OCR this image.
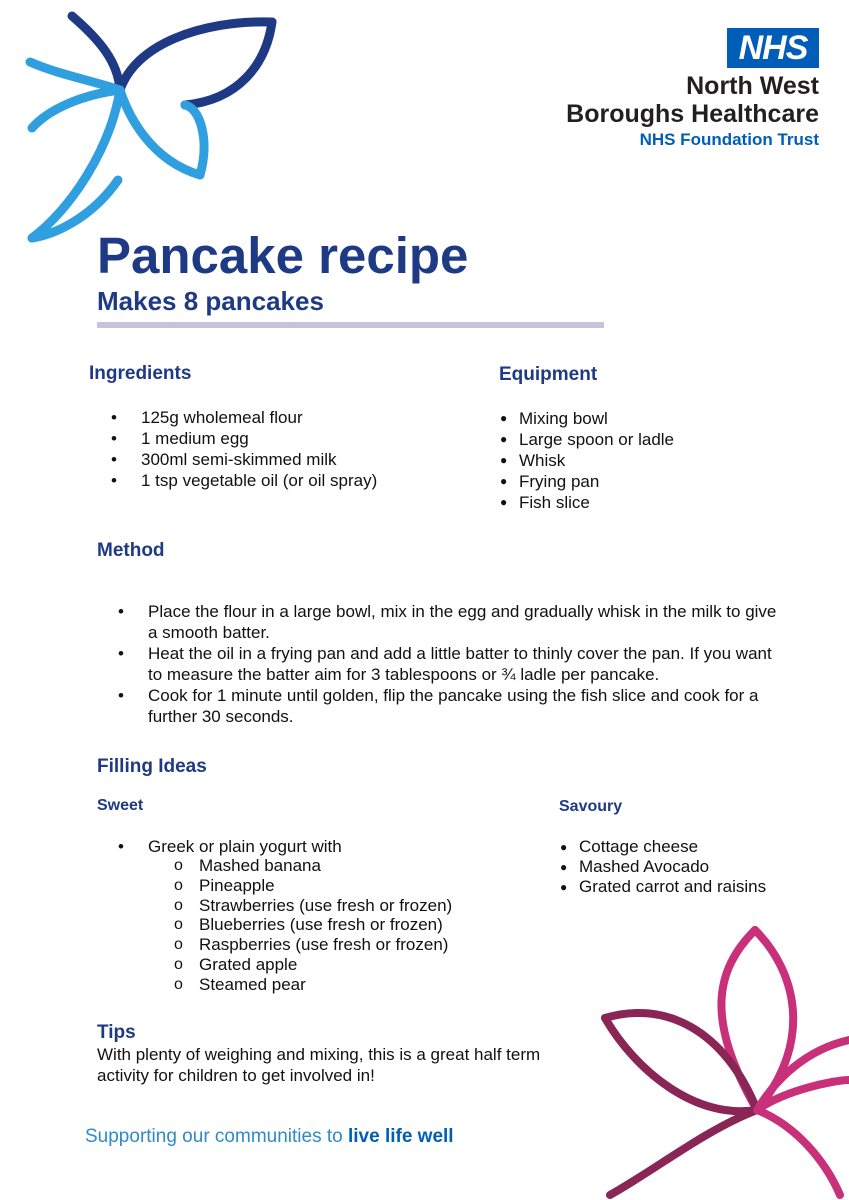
NHS
North West
Boroughs Healthcare
NHS Foundation Trust
Pancake recipe
Makes 8 pancakes
Ingredients
• 125g wholemeal flour
• 1 medium egg
• 300ml semi-skimmed milk
• 1 tsp vegetable oil (or oil spray)
Equipment
● Mixing bowl
● Large spoon or ladle
● Whisk
● Frying pan
● Fish slice
Method
• Place the flour in a large bowl, mix in the egg and gradually whisk in the milk to give a smooth batter.
• Heat the oil in a frying pan and add a little batter to thinly cover the pan. If you want to measure the batter aim for 3 tablespoons or ¾ ladle per pancake.
• Cook for 1 minute until golden, flip the pancake using the fish slice and cook for a further 30 seconds.
Filling Ideas
Sweet
• Greek or plain yogurt with
o Mashed banana
o Pineapple
o Strawberries (use fresh or frozen)
o Blueberries (use fresh or frozen)
o Raspberries (use fresh or frozen)
o Grated apple
o Steamed pear
Savoury
● Cottage cheese
● Mashed Avocado
● Grated carrot and raisins
Tips

With plenty of weighing and mixing, this is a great half term activity for children to get involved in!

Supporting our communities to live life well
